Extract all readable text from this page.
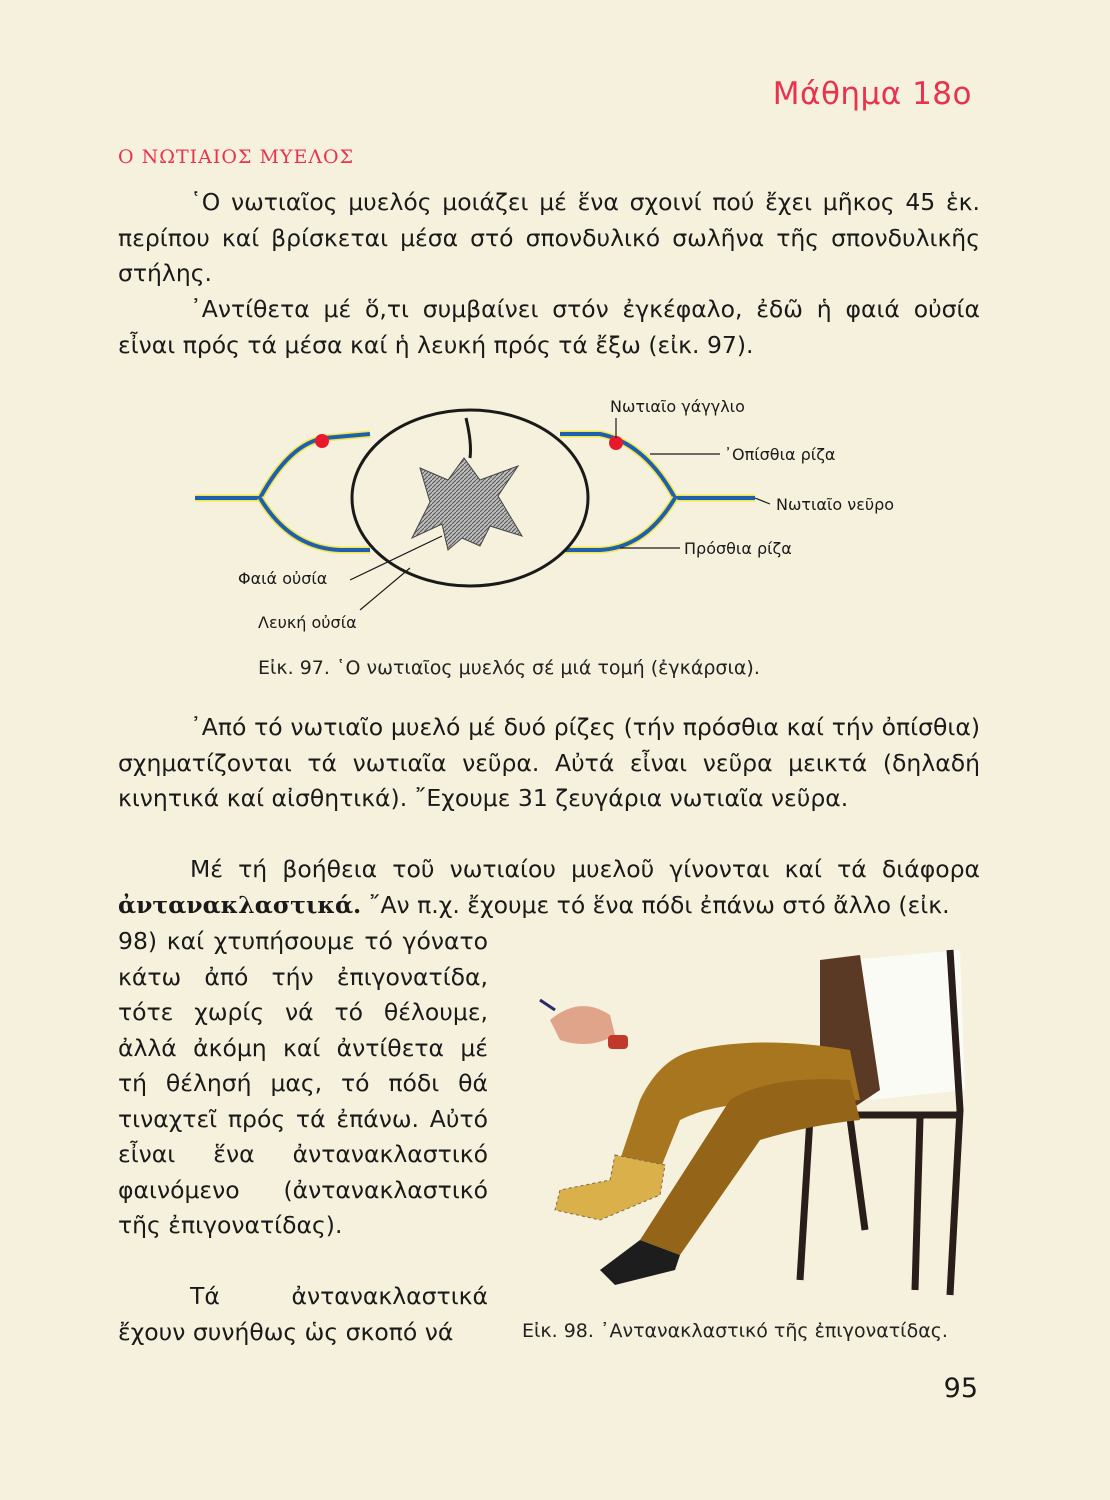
Μάθημα 18ο
Ο ΝΩΤΙΑΙΟΣ ΜΥΕΛΟΣ

῾Ο νωτιαῖος μυελός μοιάζει μέ ἕνα σχοινί πού ἔχει μῆκος 45 ἑκ. περίπου καί βρίσκεται μέσα στό σπονδυλικό σωλῆνα τῆς σπονδυλικῆς στήλης.

᾿Αντίθετα μέ ὅ,τι συμβαίνει στόν ἐγκέφαλο, ἐδῶ ἡ φαιά οὐσία εἶναι πρός τά μέσα καί ἡ λευκή πρός τά ἔξω (εἰκ. 97).

Νωτιαῖο γάγγλιο
᾿Οπίσθια ρίζα
Νωτιαῖο νεῦρο
Πρόσθια ρίζα
Φαιά οὐσία
Λευκή οὐσία
Εἰκ. 97. ῾Ο νωτιαῖος μυελός σέ μιά τομή (ἐγκάρσια).

᾿Από τό νωτιαῖο μυελό μέ δυό ρίζες (τήν πρόσθια καί τήν ὀπίσθια) σχηματίζονται τά νωτιαῖα νεῦρα. Αὐτά εἶναι νεῦρα μεικτά (δηλαδή κινητικά καί αἰσθητικά). ῎Εχουμε 31 ζευγάρια νωτιαῖα νεῦρα.

Μέ τή βοήθεια τοῦ νωτιαίου μυελοῦ γίνονται καί τά διάφορα ἀντανακλαστικά. ῎Αν π.χ. ἔχουμε τό ἕνα πόδι ἐπάνω στό ἄλλο (εἰκ.

98) καί χτυπήσουμε τό γόνατο κάτω ἀπό τήν ἐπιγονατίδα, τότε χωρίς νά τό θέλουμε, ἀλλά ἀκόμη καί ἀντίθετα μέ τή θέλησή μας, τό πόδι θά τιναχτεῖ πρός τά ἐπάνω. Αὐτό εἶναι ἕνα ἀντανακλαστικό φαινόμενο (ἀντανακλαστικό τῆς ἐπιγονατίδας).

Τά ἀντανακλαστικά ἔχουν συνήθως ὡς σκοπό νά	Εἰκ. 98. ᾿Αντανακλαστικό τῆς ἐπιγονατίδας.
95
